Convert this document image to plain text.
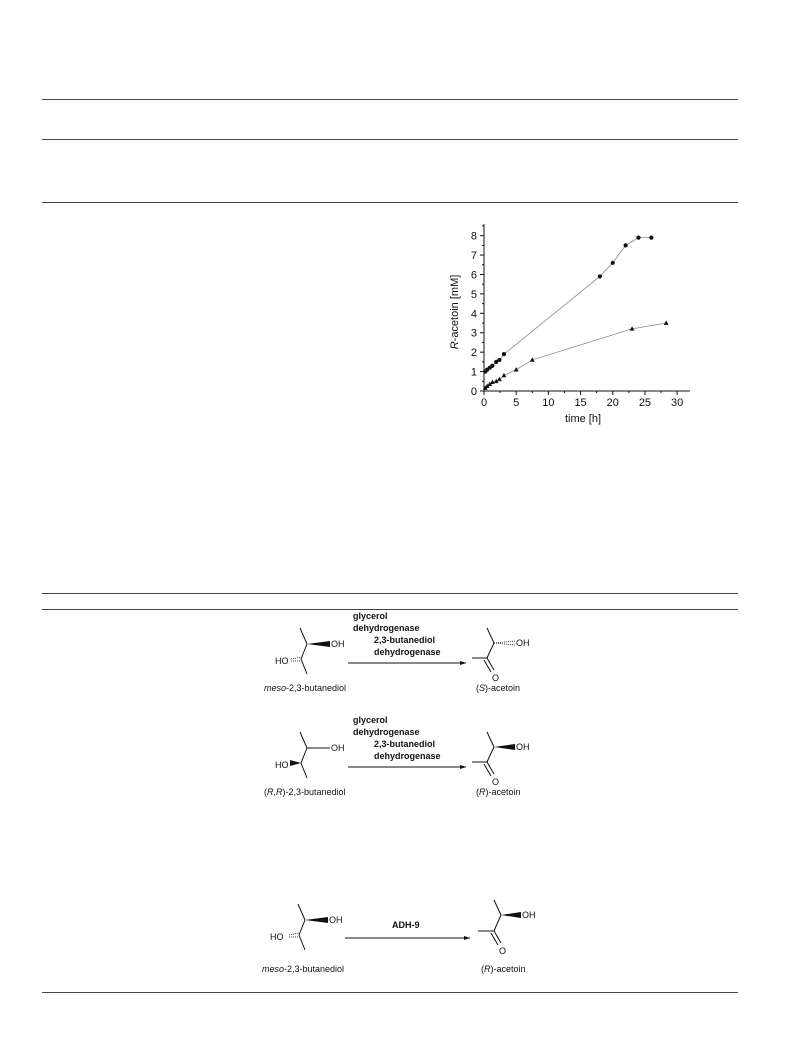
0 5 10 15 20 25 30
0
1
2
3
4
5
6
7
8
time [h]
R-acetoin [mM]
OH
HO
glycerol
dehydrogenase
2,3-butanediol
dehydrogenase
OH
O
meso-2,3-butanediol	(S)-acetoin
OH
HO
glycerol
dehydrogenase
2,3-butanediol
dehydrogenase
OH
O
(R,R)-2,3-butanediol	(R)-acetoin
OH
HO
ADH-9
OH
O
meso-2,3-butanediol	(R)-acetoin
